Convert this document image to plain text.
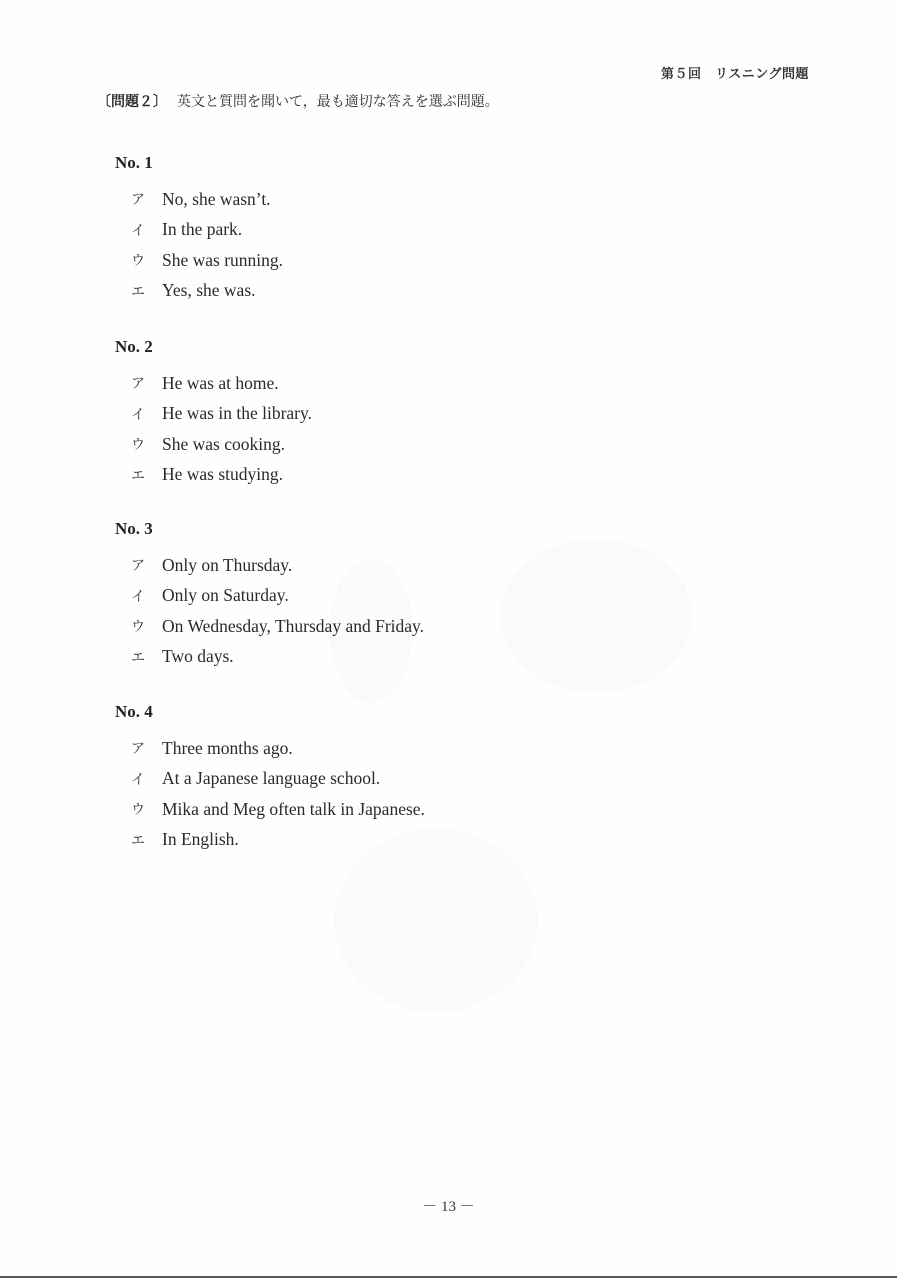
第５回　リスニング問題
〔問題２〕 英文と質問を聞いて，最も適切な答えを選ぶ問題。
No. 1
ア No, she wasn’t.
イ In the park.
ウ She was running.
エ Yes, she was.
No. 2
ア He was at home.
イ He was in the library.
ウ She was cooking.
エ He was studying.
No. 3
ア Only on Thursday.
イ Only on Saturday.
ウ On Wednesday, Thursday and Friday.
エ Two days.
No. 4
ア Three months ago.
イ At a Japanese language school.
ウ Mika and Meg often talk in Japanese.
エ In English.
－ 13 －
